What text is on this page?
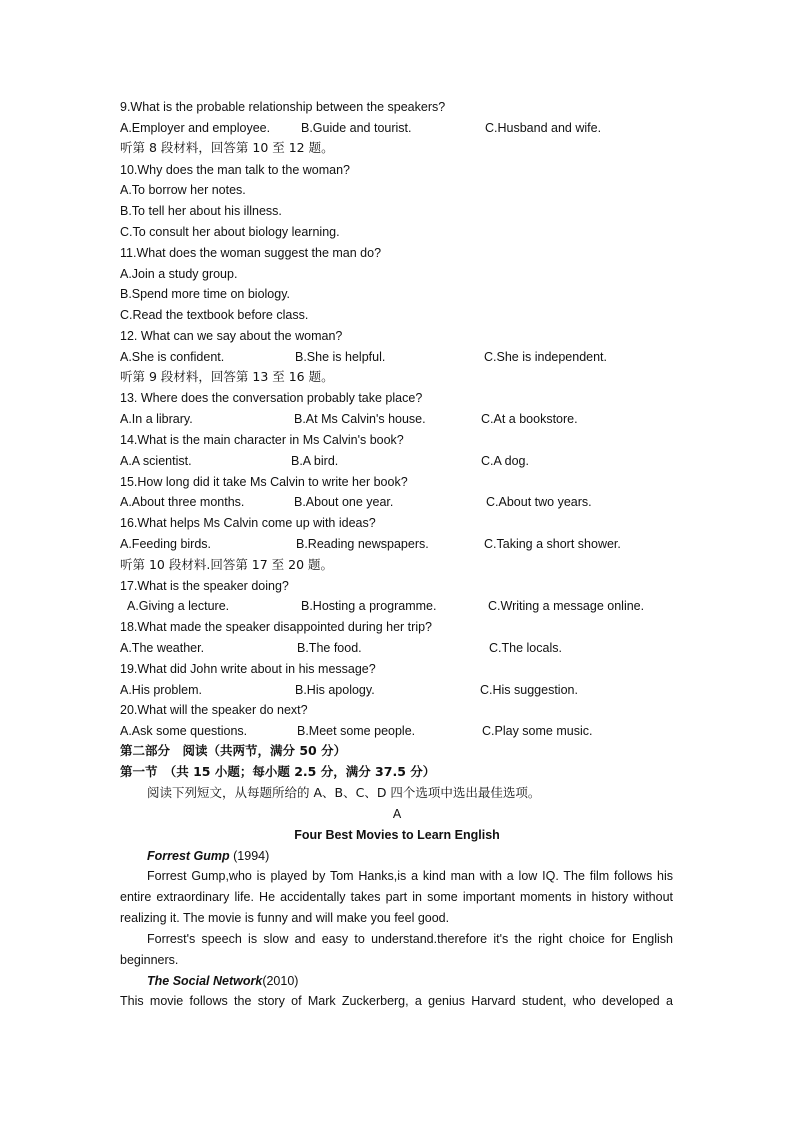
9.What is the probable relationship between the speakers?
A.Employer and employee. B.Guide and tourist.	C.Husband and wife.
听第 8 段材料，回答第 10 至 12 题。
10.Why does the man talk to the woman?
A.To borrow her notes.
B.To tell her about his illness.
C.To consult her about biology learning.
11.What does the woman suggest the man do?
A.Join a study group.
B.Spend more time on biology.
C.Read the textbook before class.
12. What can we say about the woman?
A.She is confident.	B.She is helpful.	C.She is independent.
听第 9 段材料，回答第 13 至 16 题。
13. Where does the conversation probably take place?
A.In a library.	B.At Ms Calvin's house.	C.At a bookstore.
14.What is the main character in Ms Calvin's book?
A.A scientist.	B.A bird.	C.A dog.
15.How long did it take Ms Calvin to write her book?
A.About three months.	B.About one year.	C.About two years.
16.What helps Ms Calvin come up with ideas?
A.Feeding birds.	B.Reading newspapers.	C.Taking a short shower.
听第 10 段材料.回答第 17 至 20 题。
17.What is the speaker doing?
A.Giving a lecture.	B.Hosting a programme.	C.Writing a message online.
18.What made the speaker disappointed during her trip?
A.The weather.	B.The food.	C.The locals.
19.What did John write about in his message?
A.His problem.	B.His apology.	C.His suggestion.
20.What will the speaker do next?
A.Ask some questions.	B.Meet some people.	C.Play some music.
第二部分　阅读（共两节，满分 50 分）
第一节　（共 15 小题；每小题 2.5 分，满分 37.5 分）
阅读下列短文，从每题所给的 A、B、C、D 四个选项中选出最佳选项。
A
Four Best Movies to Learn English
Forrest Gump (1994)
Forrest Gump,who is played by Tom Hanks,is a kind man with a low IQ. The film follows his entire extraordinary life. He accidentally takes part in some important moments in history without realizing it. The movie is funny and will make you feel good.
Forrest's speech is slow and easy to understand.therefore it's the right choice for English beginners.
The Social Network(2010)
This movie follows the story of Mark Zuckerberg, a genius Harvard student, who developed a
